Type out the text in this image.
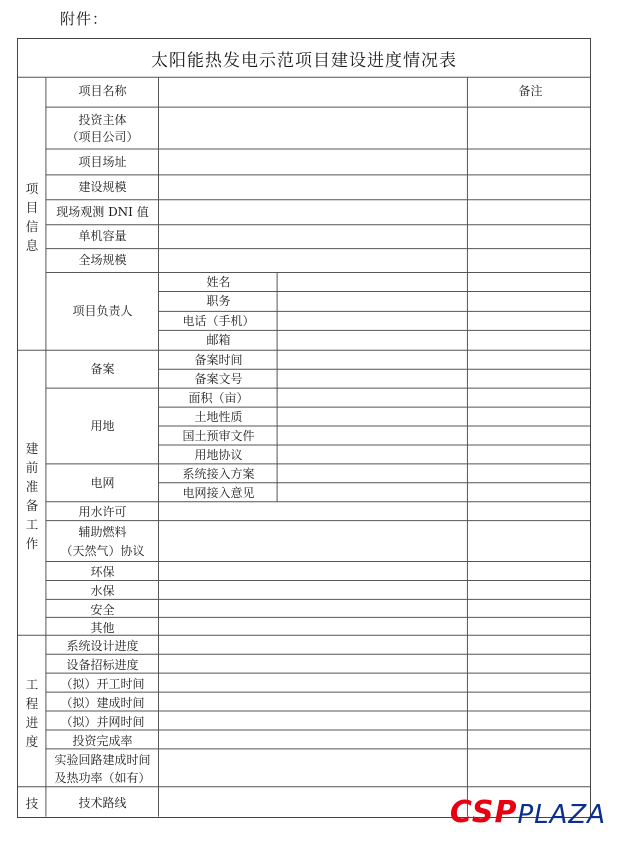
附件：
太阳能热发电示范项目建设进度情况表
项目名称	备注
项目信息
建前准备工作
工程进度
技
投资主体
（项目公司）
项目场址
建设规模
现场观测 DNI 值
单机容量
全场规模
项目负责人
姓名
职务
电话（手机）
邮箱
备案
备案时间
备案文号
用地
面积（亩）
土地性质
国土预审文件
用地协议
电网
系统接入方案
电网接入意见
用水许可
辅助燃料
（天然气）协议
环保
水保
安全
其他
系统设计进度
设备招标进度
（拟）开工时间
（拟）建成时间
（拟）并网时间
投资完成率
实验回路建成时间
及热功率（如有）
技术路线	CSP PLAZA
